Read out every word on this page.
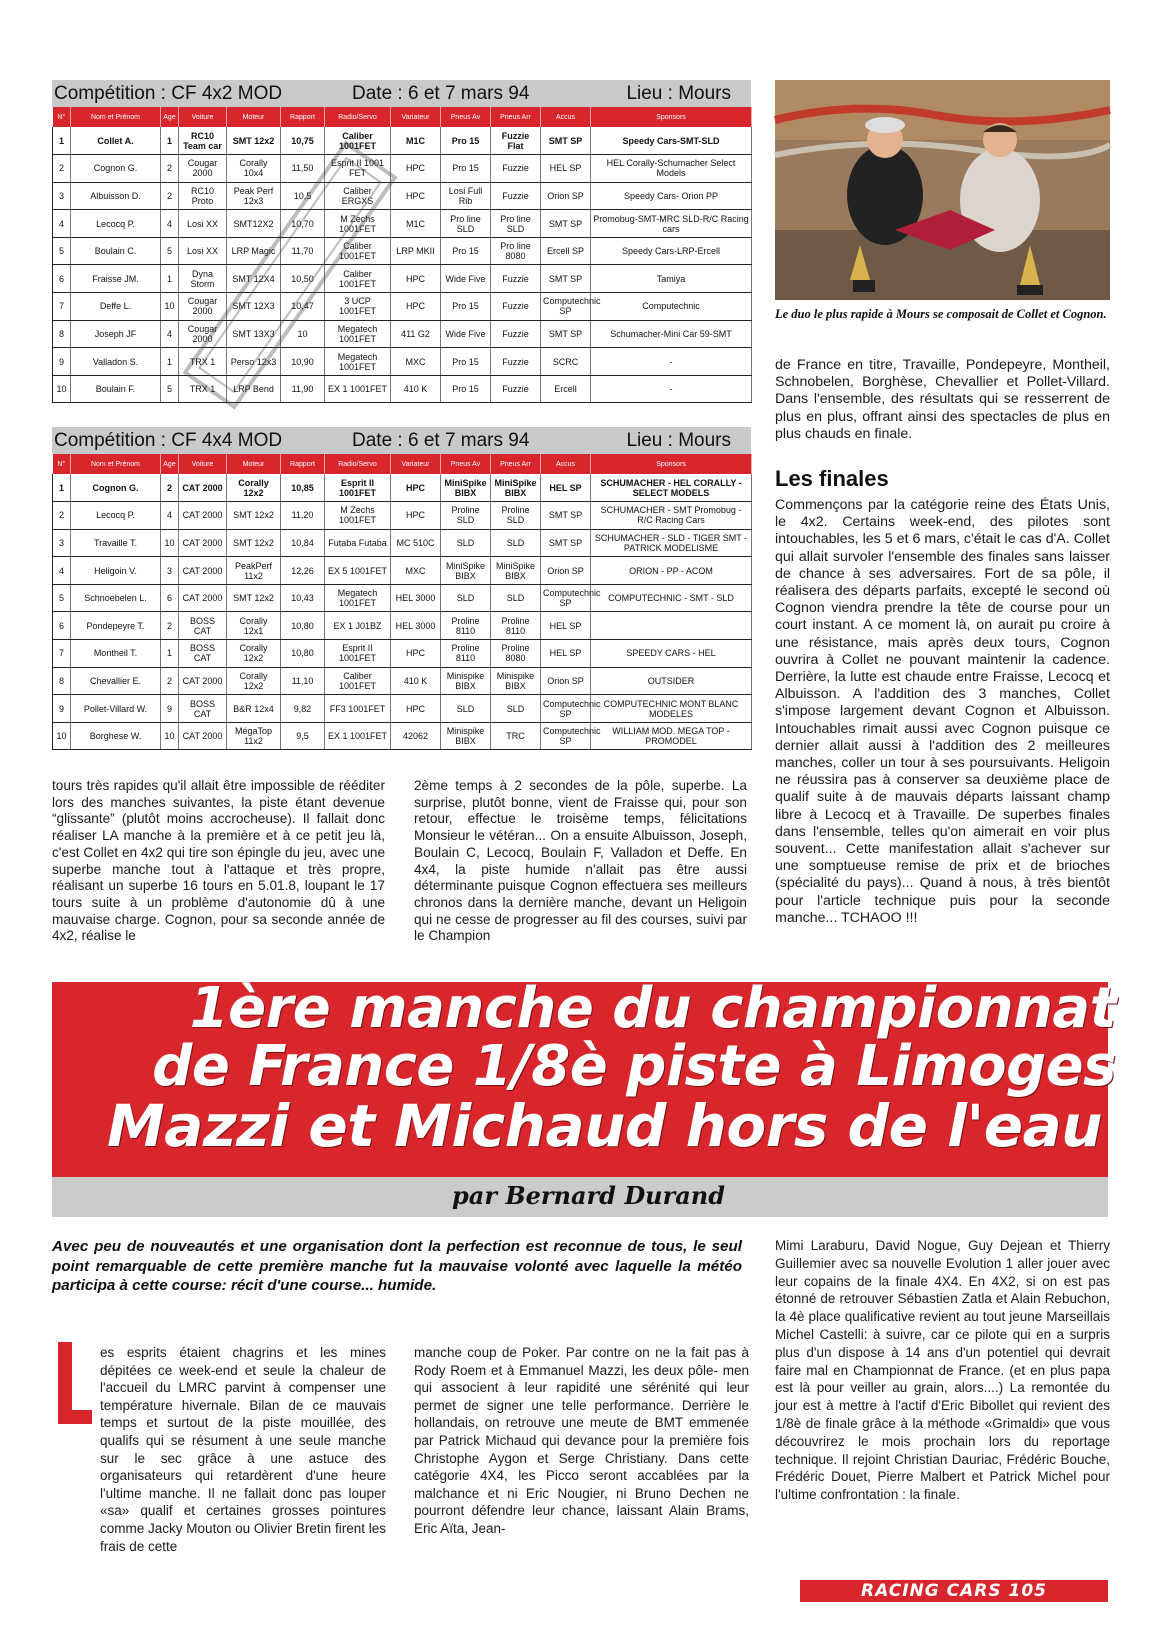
Compétition : CF 4x2 MOD	Date : 6 et 7 mars 94	Lieu : Mours
N°	Nom et Prénom	Age	Voiture	Moteur	Rapport	Radio/Servo	Variateur	Pneus Av	Pneus Arr	Accus	Sponsors
1	Collet A.	1	RC10 Team car	SMT 12x2	10,75	Caliber 1001FET	M1C	Pro 15	Fuzzie Flat	SMT SP	Speedy Cars-SMT-SLD
2	Cognon G.	2	Cougar 2000	Corally 10x4	11,50	Esprit II 1001 FET	HPC	Pro 15	Fuzzie	HEL SP	HEL Corally-Schumacher Select Models
3	Albuisson D.	2	RC10 Proto	Peak Perf 12x3	10,5	Caliber ERGXS	HPC	Losi Full Rib	Fuzzie	Orion SP	Speedy Cars- Orion PP
4	Lecocq P.	4	Losi XX	SMT12X2	10,70	M Zechs 1001FET	M1C	Pro line SLD	Pro line SLD	SMT SP	Promobug-SMT-MRC SLD-R/C Racing cars
5	Boulain C.	5	Losi XX	LRP Magic	11,70	Caliber 1001FET	LRP MKII	Pro 15	Pro line 8080	Ercell SP	Speedy Cars-LRP-Ercell
6	Fraisse JM.	1	Dyna Storm	SMT 12X4	10,50	Caliber 1001FET	HPC	Wide Five	Fuzzie	SMT SP	Tamiya
7	Deffe L.	10	Cougar 2000	SMT 12X3	10,47	3 UCP 1001FET	HPC	Pro 15	Fuzzie	Computechnic SP	Computechnic
8	Joseph JF	4	Cougar 2000	SMT 13X3	10	Megatech 1001FET	411 G2	Wide Five	Fuzzie	SMT SP	Schumacher-Mini Car 59-SMT
9	Valladon S.	1	TRX 1	Perso 12x3	10,90	Megatech 1001FET	MXC	Pro 15	Fuzzie	SCRC	-
10	Boulain F.	5	TRX 1	LRP Bend	11,90	EX 1 1001FET	410 K	Pro 15	Fuzzie	Ercell	-
Compétition : CF 4x4 MOD	Date : 6 et 7 mars 94	Lieu : Mours
N°	Nom et Prénom	Age	Voiture	Moteur	Rapport	Radio/Servo	Variateur	Pneus Av	Pneus Arr	Accus	Sponsors
1	Cognon G.	2	CAT 2000	Corally 12x2	10,85	Esprit II 1001FET	HPC	MiniSpike BIBX	MiniSpike BIBX	HEL SP	SCHUMACHER - HEL CORALLY - SELECT MODELS
2	Lecocq P.	4	CAT 2000	SMT 12x2	11,20	M Zechs 1001FET	HPC	Proline SLD	Proline SLD	SMT SP	SCHUMACHER - SMT Promobug - R/C Racing Cars
3	Travaille T.	10	CAT 2000	SMT 12x2	10,84	Futaba Futaba	MC 510C	SLD	SLD	SMT SP	SCHUMACHER - SLD - TIGER SMT - PATRICK MODELISME
4	Heligoin V.	3	CAT 2000	PeakPerf 11x2	12,26	EX 5 1001FET	MXC	MiniSpike BIBX	MiniSpike BIBX	Orion SP	ORION - PP - ACOM
5	Schnoebelen L.	6	CAT 2000	SMT 12x2	10,43	Megatech 1001FET	HEL 3000	SLD	SLD	Computechnic SP	COMPUTECHNIC - SMT - SLD
6	Pondepeyre T.	2	BOSS CAT	Corally 12x1	10,80	EX 1 J01BZ	HEL 3000	Proline 8110	Proline 8110	HEL SP	
7	Montheil T.	1	BOSS CAT	Corally 12x2	10,80	Esprit II 1001FET	HPC	Proline 8110	Proline 8080	HEL SP	SPEEDY CARS - HEL
8	Chevallier E.	2	CAT 2000	Corally 12x2	11,10	Caliber 1001FET	410 K	Minispike BIBX	Minispike BIBX	Orion SP	OUTSIDER
9	Pollet-Villard W.	9	BOSS CAT	B&R 12x4	9,82	FF3 1001FET	HPC	SLD	SLD	Computechnic SP	COMPUTECHNIC MONT BLANC MODELES
10	Borghese W.	10	CAT 2000	MégaTop 11x2	9,5	EX 1 1001FET	42062	Minispike BIBX	TRC	Computechnic SP	WILLIAM MOD. MEGA TOP - PROMODEL
Le duo le plus rapide à Mours se composait de Collet et Cognon.

de France en titre, Travaille, Pondepeyre, Montheil, Schnobelen, Borghèse, Chevallier et Pollet-Villard. Dans l'ensemble, des résultats qui se resserrent de plus en plus, offrant ainsi des spectacles de plus en plus chauds en finale.

Les finales

Commençons par la catégorie reine des États Unis, le 4x2. Certains week-end, des pilotes sont intouchables, les 5 et 6 mars, c'était le cas d'A. Collet qui allait survoler l'ensemble des finales sans laisser de chance à ses adversaires. Fort de sa pôle, il réalisera des départs parfaits, excepté le second où Cognon viendra prendre la tête de course pour un court instant. A ce moment là, on aurait pu croire à une résistance, mais après deux tours, Cognon ouvrira à Collet ne pouvant maintenir la cadence. Derrière, la lutte est chaude entre Fraisse, Lecocq et Albuisson. A l'addition des 3 manches, Collet s'impose largement devant Cognon et Albuisson. Intouchables rimait aussi avec Cognon puisque ce dernier allait aussi à l'addition des 2 meilleures manches, coller un tour à ses poursuivants. Heligoin ne réussira pas à conserver sa deuxième place de qualif suite à de mauvais départs laissant champ libre à Lecocq et à Travaille. De superbes finales dans l'ensemble, telles qu'on aimerait en voir plus souvent... Cette manifestation allait s'achever sur une somptueuse remise de prix et de brioches (spécialité du pays)... Quand à nous, à très bientôt pour l'article technique puis pour la seconde manche... TCHAOO !!!

tours très rapides qu'il allait être impossible de rééditer lors des manches suivantes, la piste étant devenue “glissante” (plutôt moins accrocheuse). Il fallait donc réaliser LA manche à la première et à ce petit jeu là, c'est Collet en 4x2 qui tire son épingle du jeu, avec une superbe manche tout à l'attaque et très propre, réalisant un superbe 16 tours en 5.01.8, loupant le 17 tours suite à un problème d'autonomie dû à une mauvaise charge. Cognon, pour sa seconde année de 4x2, réalise le

2ème temps à 2 secondes de la pôle, superbe. La surprise, plutôt bonne, vient de Fraisse qui, pour son retour, effectue le troisème temps, félicitations Monsieur le vétéran... On a ensuite Albuisson, Joseph, Boulain C, Lecocq, Boulain F, Valladon et Deffe. En 4x4, la piste humide n'allait pas être aussi déterminante puisque Cognon effectuera ses meilleurs chronos dans la dernière manche, devant un Heligoin qui ne cesse de progresser au fil des courses, suivi par le Champion

1ère manche du championnat
de France 1/8è piste à Limoges
Mazzi et Michaud hors de l'eau
par Bernard Durand
Avec peu de nouveautés et une organisation dont la perfection est reconnue de tous, le seul point remarquable de cette première manche fut la mauvaise volonté avec laquelle la météo participa à cette course: récit d'une course... humide.

es esprits étaient chagrins et les mines dépitées ce week-end et seule la chaleur de l'accueil du LMRC parvint à compenser une température hivernale. Bilan de ce mauvais temps et surtout de la piste mouillée, des qualifs qui se résument à une seule manche sur le sec grâce à une astuce des organisateurs qui retardèrent d'une heure l'ultime manche. Il ne fallait donc pas louper «sa» qualif et certaines grosses pointures comme Jacky Mouton ou Olivier Bretin firent les frais de cette

manche coup de Poker. Par contre on ne la fait pas à Rody Roem et à Emmanuel Mazzi, les deux pôle- men qui associent à leur rapidité une sérénité qui leur permet de signer une telle performance. Derrière le hollandais, on retrouve une meute de BMT emmenée par Patrick Michaud qui devance pour la première fois Christophe Aygon et Serge Christiany. Dans cette catégorie 4X4, les Picco seront accablées par la malchance et ni Eric Nougier, ni Bruno Dechen ne pourront défendre leur chance, laissant Alain Brams, Eric Aïta, Jean-

Mimi Laraburu, David Nogue, Guy Dejean et Thierry Guillemier avec sa nouvelle Evolution 1 aller jouer avec leur copains de la finale 4X4. En 4X2, si on est pas étonné de retrouver Sébastien Zatla et Alain Rebuchon, la 4è place qualificative revient au tout jeune Marseillais Michel Castelli: à suivre, car ce pilote qui en a surpris plus d'un dispose à 14 ans d'un potentiel qui devrait faire mal en Championnat de France. (et en plus papa est là pour veiller au grain, alors....) La remontée du jour est à mettre à l'actif d'Eric Bibollet qui revient des 1/8è de finale grâce à la méthode «Grimaldi» que vous découvrirez le mois prochain lors du reportage technique. Il rejoint Christian Dauriac, Frédéric Bouche, Frédéric Douet, Pierre Malbert et Patrick Michel pour l'ultime confrontation : la finale.

RACING CARS 105
